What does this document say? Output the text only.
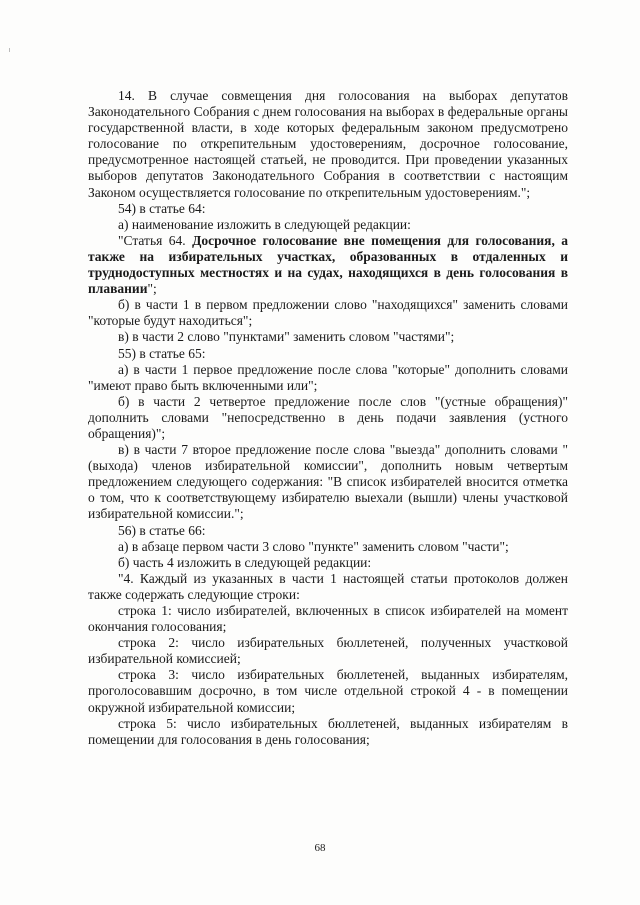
14. В случае совмещения дня голосования на выборах депутатов Законодательного Собрания с днем голосования на выборах в федеральные органы государственной власти, в ходе которых федеральным законом предусмотрено голосование по открепительным удостоверениям, досрочное голосование, предусмотренное настоящей статьей, не проводится. При проведении указанных выборов депутатов Законодательного Собрания в соответствии с настоящим Законом осуществляется голосование по открепительным удостоверениям.";

54) в статье 64:

а) наименование изложить в следующей редакции:

"Статья 64. Досрочное голосование вне помещения для голосования, а также на избирательных участках, образованных в отдаленных и труднодоступных местностях и на судах, находящихся в день голосования в плавании";

б) в части 1 в первом предложении слово "находящихся" заменить словами "которые будут находиться";

в) в части 2 слово "пунктами" заменить словом "частями";

55) в статье 65:

а) в части 1 первое предложение после слова "которые" дополнить словами "имеют право быть включенными или";

б) в части 2 четвертое предложение после слов "(устные обращения)" дополнить словами "непосредственно в день подачи заявления (устного обращения)";

в) в части 7 второе предложение после слова "выезда" дополнить словами "(выхода) членов избирательной комиссии", дополнить новым четвертым предложением следующего содержания: "В список избирателей вносится отметка о том, что к соответствующему избирателю выехали (вышли) члены участковой избирательной комиссии.";

56) в статье 66:

а) в абзаце первом части 3 слово "пункте" заменить словом "части";

б) часть 4 изложить в следующей редакции:

"4. Каждый из указанных в части 1 настоящей статьи протоколов должен также содержать следующие строки:

строка 1: число избирателей, включенных в список избирателей на момент окончания голосования;

строка 2: число избирательных бюллетеней, полученных участковой избирательной комиссией;

строка 3: число избирательных бюллетеней, выданных избирателям, проголосовавшим досрочно, в том числе отдельной строкой 4 - в помещении окружной избирательной комиссии;

строка 5: число избирательных бюллетеней, выданных избирателям в помещении для голосования в день голосования;

68
